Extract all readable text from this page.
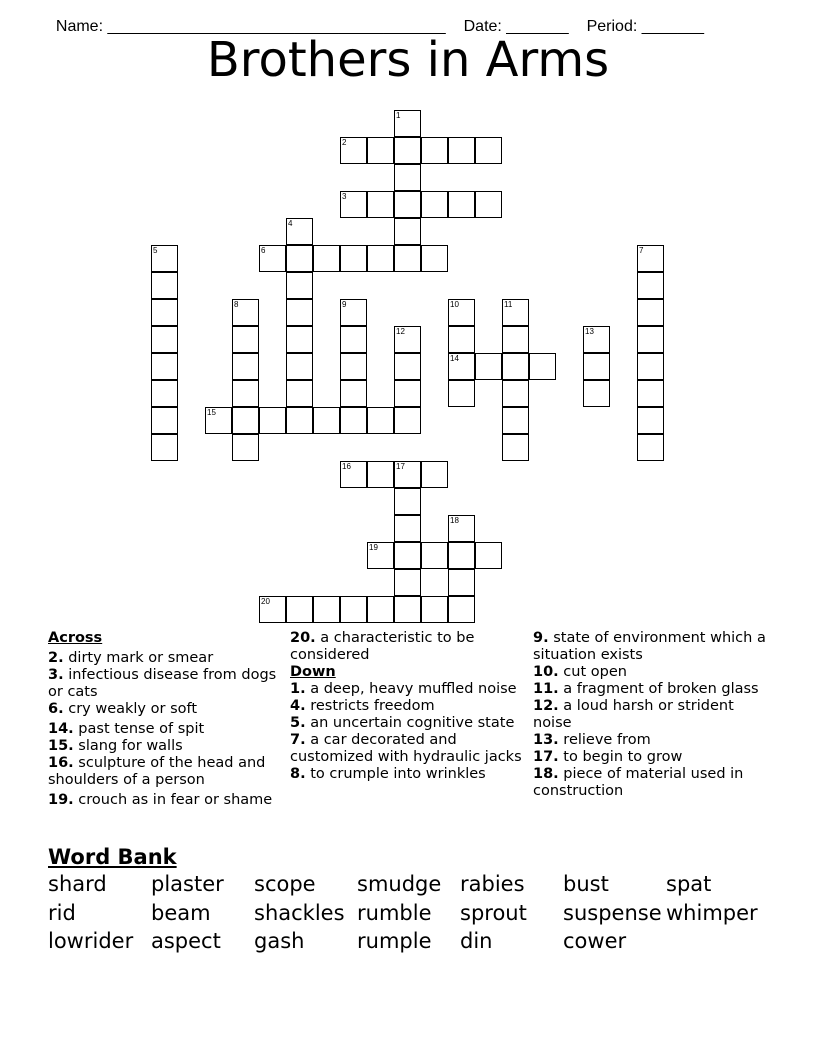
Name: ______________________________________ Date: _______ Period: _______

Brothers in Arms
1
2
3
4
5	6	7
8	9	10	11
12	13
14
15
16	17
18
19
20
Across
2. dirty mark or smear
3. infectious disease from dogs or cats
6. cry weakly or soft
14. past tense of spit
15. slang for walls
16. sculpture of the head and shoulders of a person
19. crouch as in fear or shame
20. a characteristic to be considered
Down
1. a deep, heavy muffled noise
4. restricts freedom
5. an uncertain cognitive state
7. a car decorated and customized with hydraulic jacks
8. to crumple into wrinkles
9. state of environment which a situation exists
10. cut open
11. a fragment of broken glass
12. a loud harsh or strident noise
13. relieve from
17. to begin to grow
18. piece of material used in construction
Word Bank
shard plaster scope smudge rabies bust	spat
rid	beam shackles rumble sprout suspense whimper
lowrider aspect gash	rumple din	cower
